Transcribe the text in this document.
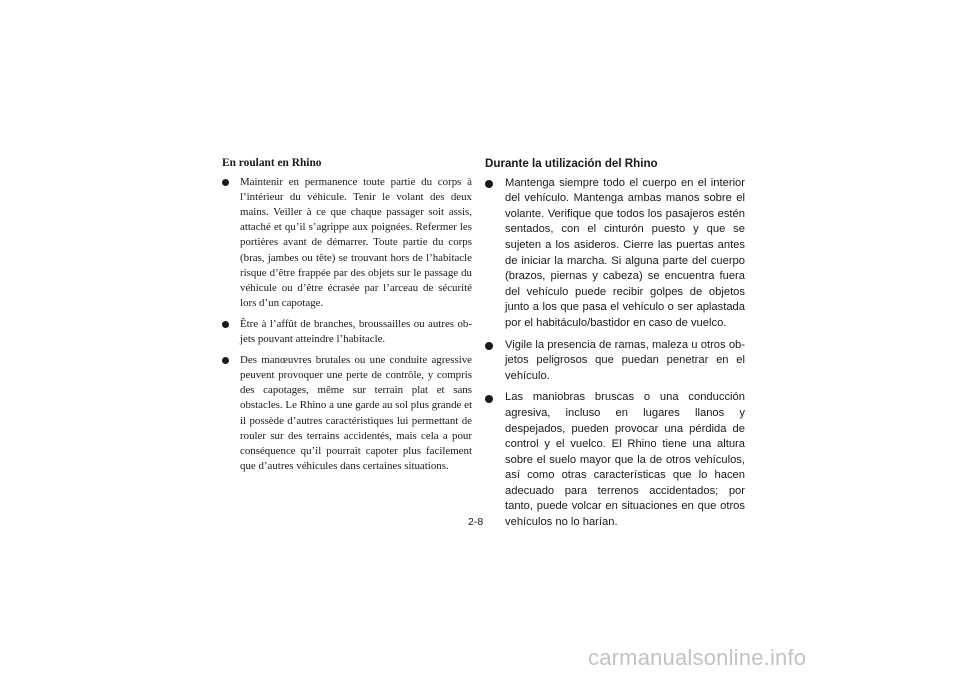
En roulant en Rhino
Maintenir en permanence toute partie du corps à l’intérieur du véhicule. Tenir le volant des deux mains. Veiller à ce que chaque passager soit assis, attaché et qu’il s’agrippe aux poignées. Refermer les portières avant de démarrer. Toute partie du corps (bras, jambes ou tête) se trouvant hors de l’habitacle risque d’être frappée par des objets sur le passage du véhicule ou d’être écrasée par l’arceau de sécurité lors d’un capotage.
Être à l’affût de branches, broussailles ou autres objets pouvant atteindre l’habitacle.
Des manœuvres brutales ou une conduite agressive peuvent provoquer une perte de contrôle, y compris des capotages, même sur terrain plat et sans obstacles. Le Rhino a une garde au sol plus grande et il possède d’autres caractéristiques lui permettant de rouler sur des terrains accidentés, mais cela a pour conséquence qu’il pourrait capoter plus facilement que d’autres véhicules dans certaines situations.
Durante la utilización del Rhino
Mantenga siempre todo el cuerpo en el interior del vehículo. Mantenga ambas manos sobre el volante. Verifique que todos los pasajeros estén sentados, con el cinturón puesto y que se sujeten a los asideros. Cierre las puertas antes de iniciar la marcha. Si alguna parte del cuerpo (brazos, piernas y cabeza) se encuentra fuera del vehículo puede recibir golpes de objetos junto a los que pasa el vehículo o ser aplastada por el habitáculo/bastidor en caso de vuelco.
Vigile la presencia de ramas, maleza u otros objetos peligrosos que puedan penetrar en el vehículo.
Las maniobras bruscas o una conducción agresiva, incluso en lugares llanos y despejados, pueden provocar una pérdida de control y el vuelco. El Rhino tiene una altura sobre el suelo mayor que la de otros vehículos, así como otras características que lo hacen adecuado para terrenos accidentados; por tanto, puede volcar en situaciones en que otros vehículos no lo harían.
2-8
carmanualsonline.info
